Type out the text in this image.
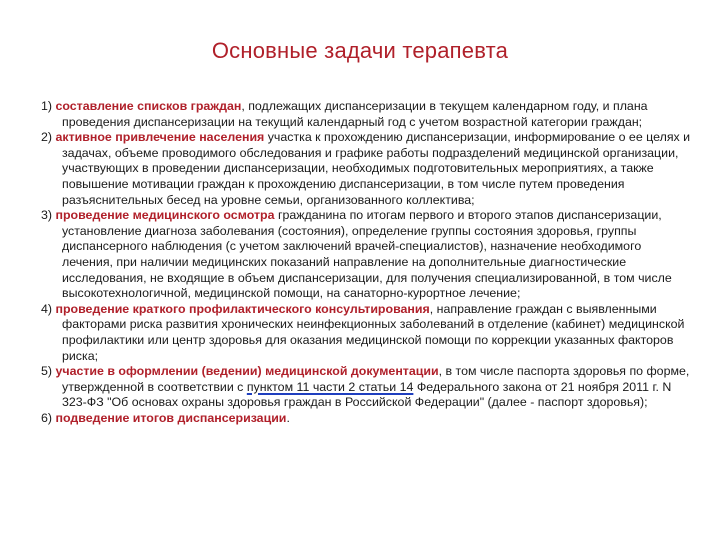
Основные задачи терапевта

1) составление списков граждан, подлежащих диспансеризации в текущем календарном году, и плана проведения диспансеризации на текущий календарный год с учетом возрастной категории граждан;

2) активное привлечение населения участка к прохождению диспансеризации, информирование о ее целях и задачах, объеме проводимого обследования и графике работы подразделений медицинской организации, участвующих в проведении диспансеризации, необходимых подготовительных мероприятиях, а также повышение мотивации граждан к прохождению диспансеризации, в том числе путем проведения разъяснительных бесед на уровне семьи, организованного коллектива;

3) проведение медицинского осмотра гражданина по итогам первого и второго этапов диспансеризации, установление диагноза заболевания (состояния), определение группы состояния здоровья, группы диспансерного наблюдения (с учетом заключений врачей-специалистов), назначение необходимого лечения, при наличии медицинских показаний направление на дополнительные диагностические исследования, не входящие в объем диспансеризации, для получения специализированной, в том числе высокотехнологичной, медицинской помощи, на санаторно-курортное лечение;

4) проведение краткого профилактического консультирования, направление граждан с выявленными факторами риска развития хронических неинфекционных заболеваний в отделение (кабинет) медицинской профилактики или центр здоровья для оказания медицинской помощи по коррекции указанных факторов риска;

5) участие в оформлении (ведении) медицинской документации, в том числе паспорта здоровья по форме, утвержденной в соответствии с пунктом 11 части 2 статьи 14 Федерального закона от 21 ноября 2011 г. N 323-ФЗ "Об основах охраны здоровья граждан в Российской Федерации" (далее - паспорт здоровья);

6) подведение итогов диспансеризации.
